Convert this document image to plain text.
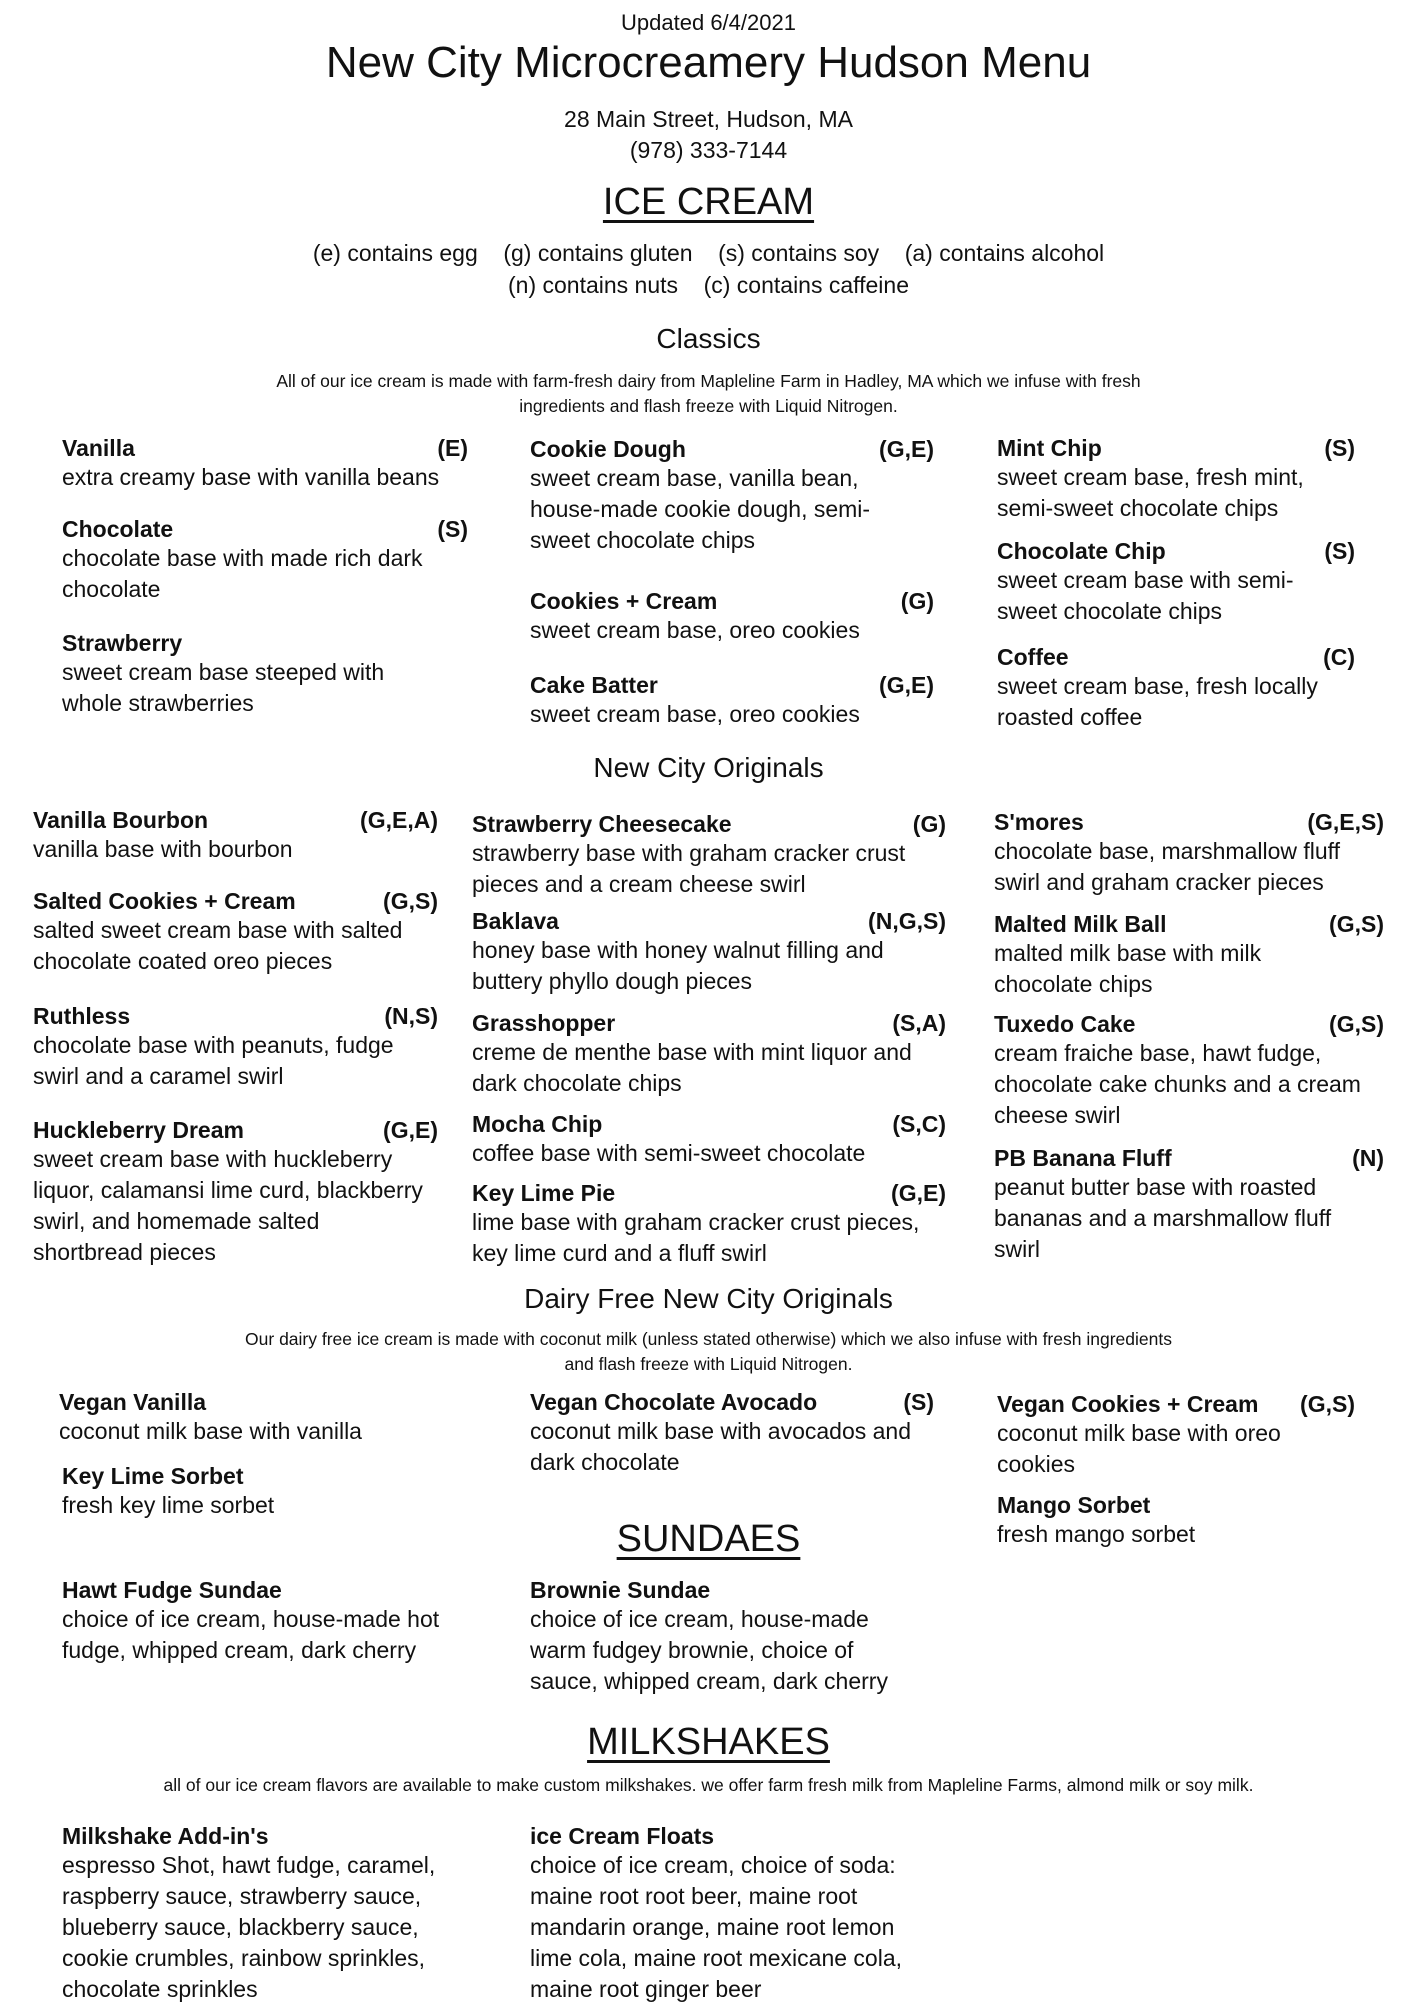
Updated 6/4/2021
New City Microcreamery Hudson Menu
28 Main Street, Hudson, MA
(978) 333-7144
ICE CREAM
(e) contains egg    (g) contains gluten    (s) contains soy    (a) contains alcohol
(n) contains nuts    (c) contains caffeine
Classics
All of our ice cream is made with farm-fresh dairy from Mapleline Farm in Hadley, MA which we infuse with fresh
ingredients and flash freeze with Liquid Nitrogen.
Vanilla	(E)
extra creamy base with vanilla beans
Chocolate	(S)
chocolate base with made rich dark chocolate
Strawberry
sweet cream base steeped with whole strawberries
Cookie Dough	(G,E)
sweet cream base, vanilla bean, house-made cookie dough, semi-sweet chocolate chips
Cookies + Cream	(G)
sweet cream base, oreo cookies
Cake Batter	(G,E)
sweet cream base, oreo cookies
Mint Chip	(S)
sweet cream base, fresh mint, semi-sweet chocolate chips
Chocolate Chip	(S)
sweet cream base with semi-sweet chocolate chips
Coffee	(C)
sweet cream base, fresh locally roasted coffee
New City Originals
Vanilla Bourbon	(G,E,A)
vanilla base with bourbon
Salted Cookies + Cream	(G,S)
salted sweet cream base with salted chocolate coated oreo pieces
Ruthless	(N,S)
chocolate base with peanuts, fudge swirl and a caramel swirl
Huckleberry Dream	(G,E)
sweet cream base with huckleberry liquor, calamansi lime curd, blackberry swirl, and homemade salted shortbread pieces
Strawberry Cheesecake	(G)
strawberry base with graham cracker crust pieces and a cream cheese swirl
Baklava	(N,G,S)
honey base with honey walnut filling and buttery phyllo dough pieces
Grasshopper	(S,A)
creme de menthe base with mint liquor and dark chocolate chips
Mocha Chip	(S,C)
coffee base with semi-sweet chocolate
Key Lime Pie	(G,E)
lime base with graham cracker crust pieces, key lime curd and a fluff swirl
S'mores	(G,E,S)
chocolate base, marshmallow fluff swirl and graham cracker pieces
Malted Milk Ball	(G,S)
malted milk base with milk chocolate chips
Tuxedo Cake	(G,S)
cream fraiche base, hawt fudge, chocolate cake chunks and a cream cheese swirl
PB Banana Fluff	(N)
peanut butter base with roasted bananas and a marshmallow fluff swirl
Dairy Free New City Originals
Our dairy free ice cream is made with coconut milk (unless stated otherwise) which we also infuse with fresh ingredients
and flash freeze with Liquid Nitrogen.
Vegan Vanilla
coconut milk base with vanilla
Key Lime Sorbet
fresh key lime sorbet
Vegan Chocolate Avocado	(S)
coconut milk base with avocados and dark chocolate
Vegan Cookies + Cream (G,S)
coconut milk base with oreo cookies
Mango Sorbet
fresh mango sorbet
SUNDAES
Hawt Fudge Sundae
choice of ice cream, house-made hot fudge, whipped cream, dark cherry
Brownie Sundae
choice of ice cream, house-made warm fudgey brownie, choice of sauce, whipped cream, dark cherry
MILKSHAKES
all of our ice cream flavors are available to make custom milkshakes. we offer farm fresh milk from Mapleline Farms, almond milk or soy milk.
Milkshake Add-in's
espresso Shot, hawt fudge, caramel, raspberry sauce, strawberry sauce, blueberry sauce, blackberry sauce, cookie crumbles, rainbow sprinkles, chocolate sprinkles
ice Cream Floats
choice of ice cream, choice of soda: maine root root beer, maine root mandarin orange, maine root lemon lime cola, maine root mexicane cola, maine root ginger beer
